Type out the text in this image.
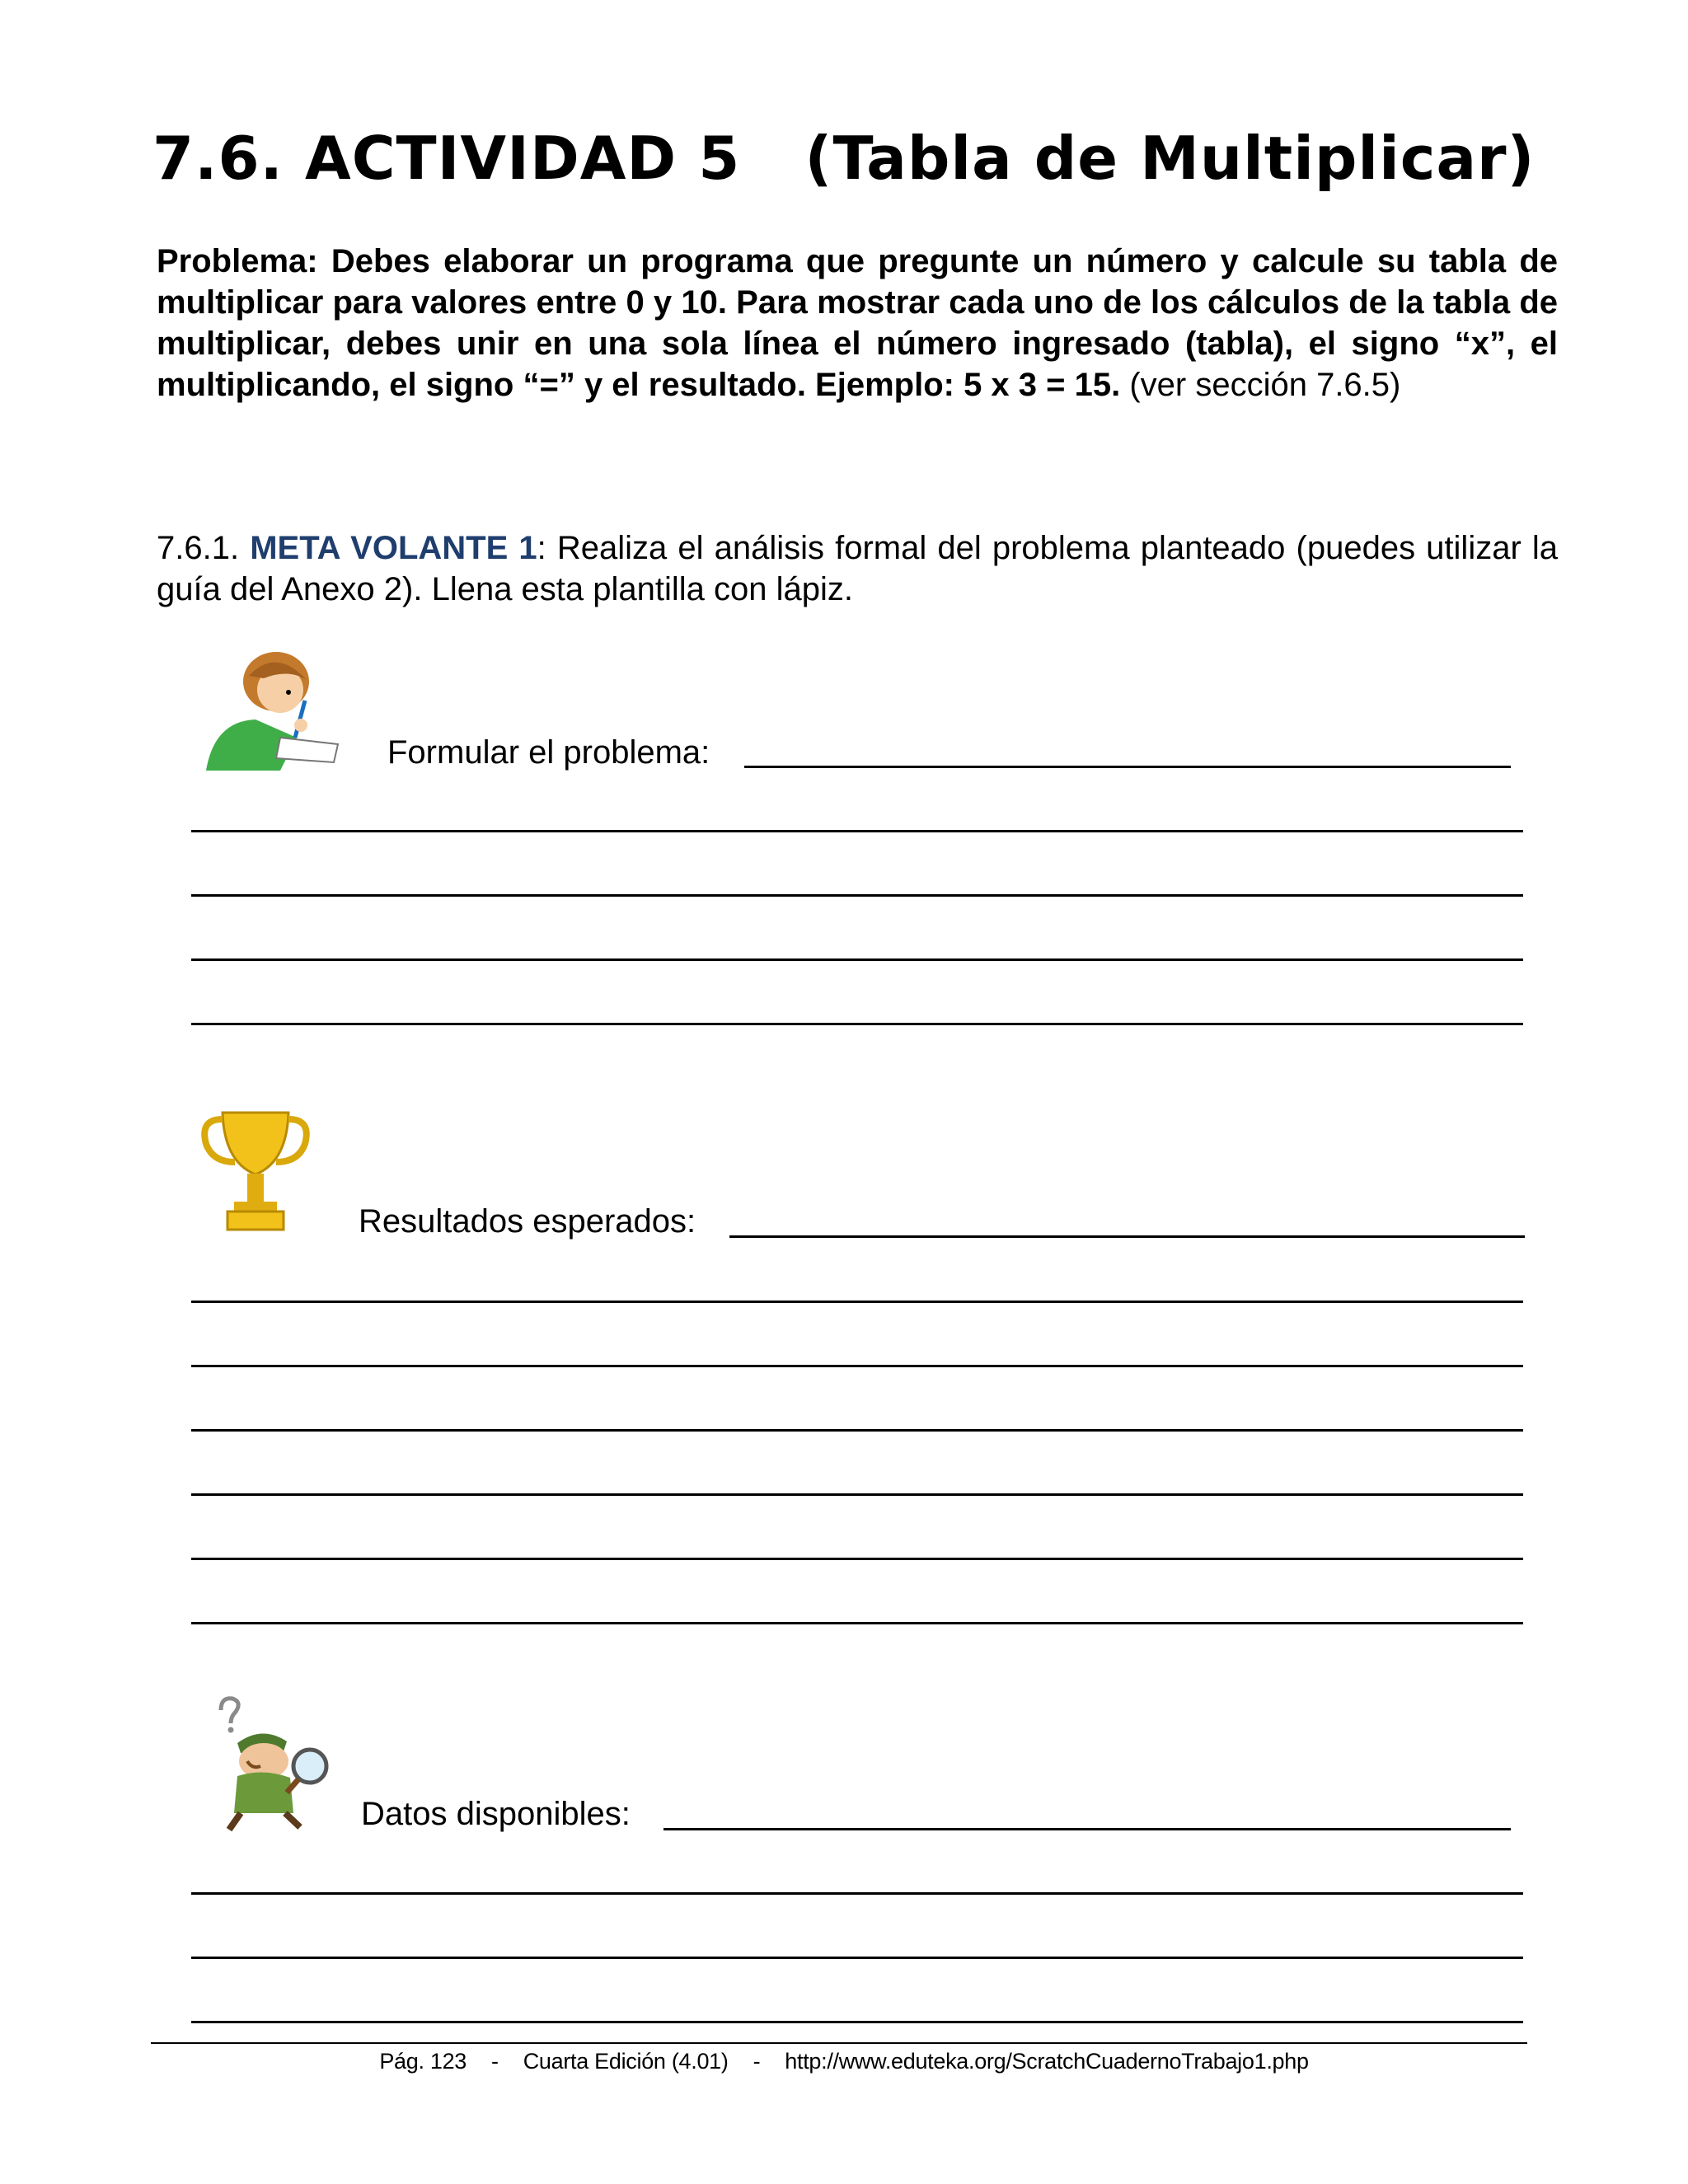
7.6. ACTIVIDAD 5   (Tabla de Multiplicar)

Problema: Debes elaborar un programa que pregunte un número y calcule su tabla de multiplicar para valores entre 0 y 10. Para mostrar cada uno de los cálculos de la tabla de multiplicar, debes unir en una sola línea el número ingresado (tabla), el signo “x”, el multiplicando, el signo “=” y el resultado. Ejemplo: 5 x 3 = 15. (ver sección 7.6.5)

7.6.1. META VOLANTE 1: Realiza el análisis formal del problema planteado (puedes utilizar la guía del Anexo 2). Llena esta plantilla con lápiz.

Formular el problema:
Resultados esperados:
Datos disponibles:
Pág. 123 - Cuarta Edición (4.01) - http://www.eduteka.org/ScratchCuadernoTrabajo1.php
